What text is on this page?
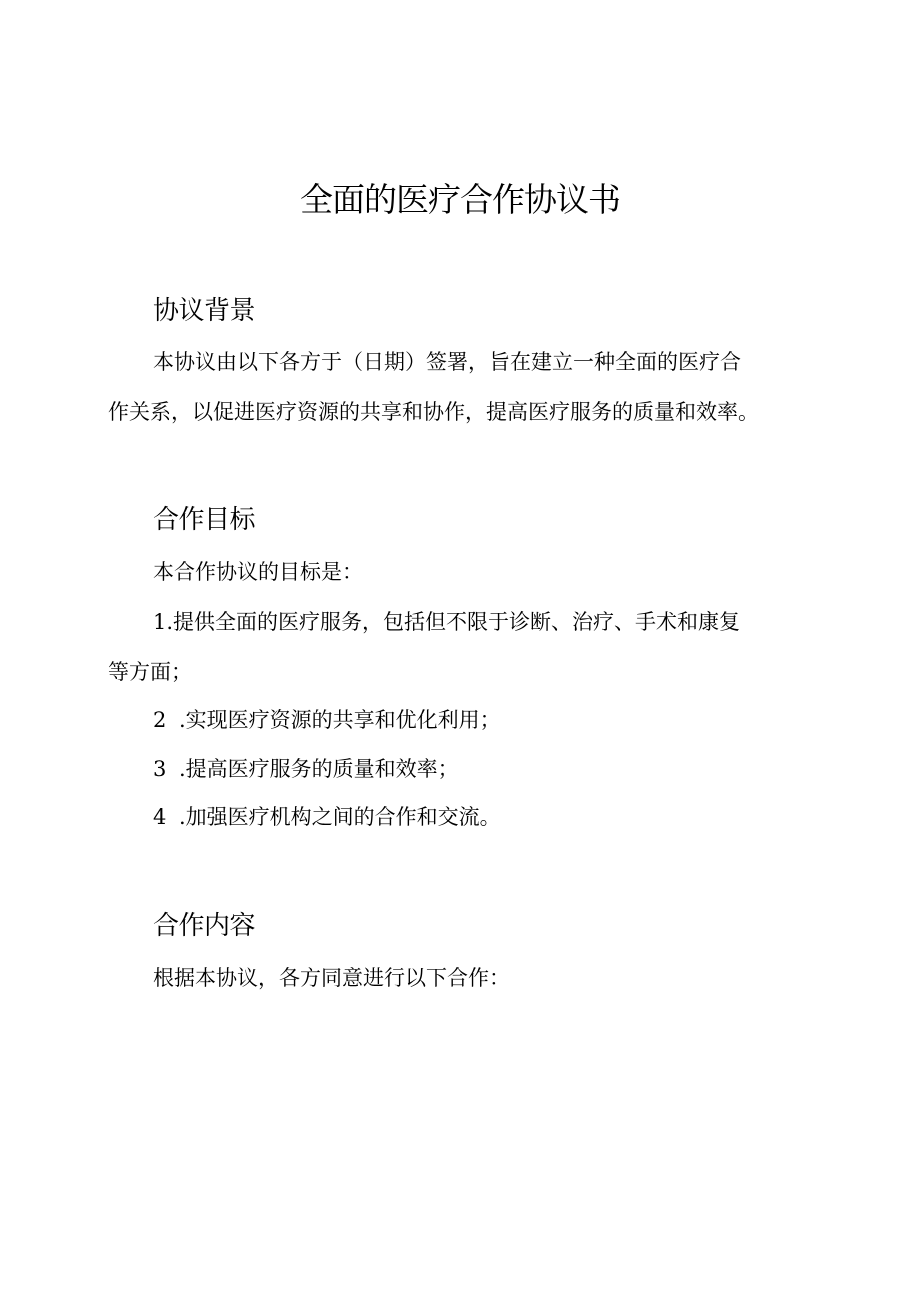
全面的医疗合作协议书
协议背景

本协议由以下各方于（日期）签署，旨在建立一种全面的医疗合

作关系，以促进医疗资源的共享和协作，提高医疗服务的质量和效率。

合作目标

本合作协议的目标是：

1.提供全面的医疗服务，包括但不限于诊断、治疗、手术和康复

等方面；

2 .实现医疗资源的共享和优化利用；

3 .提高医疗服务的质量和效率；

4 .加强医疗机构之间的合作和交流。

合作内容

根据本协议，各方同意进行以下合作：
